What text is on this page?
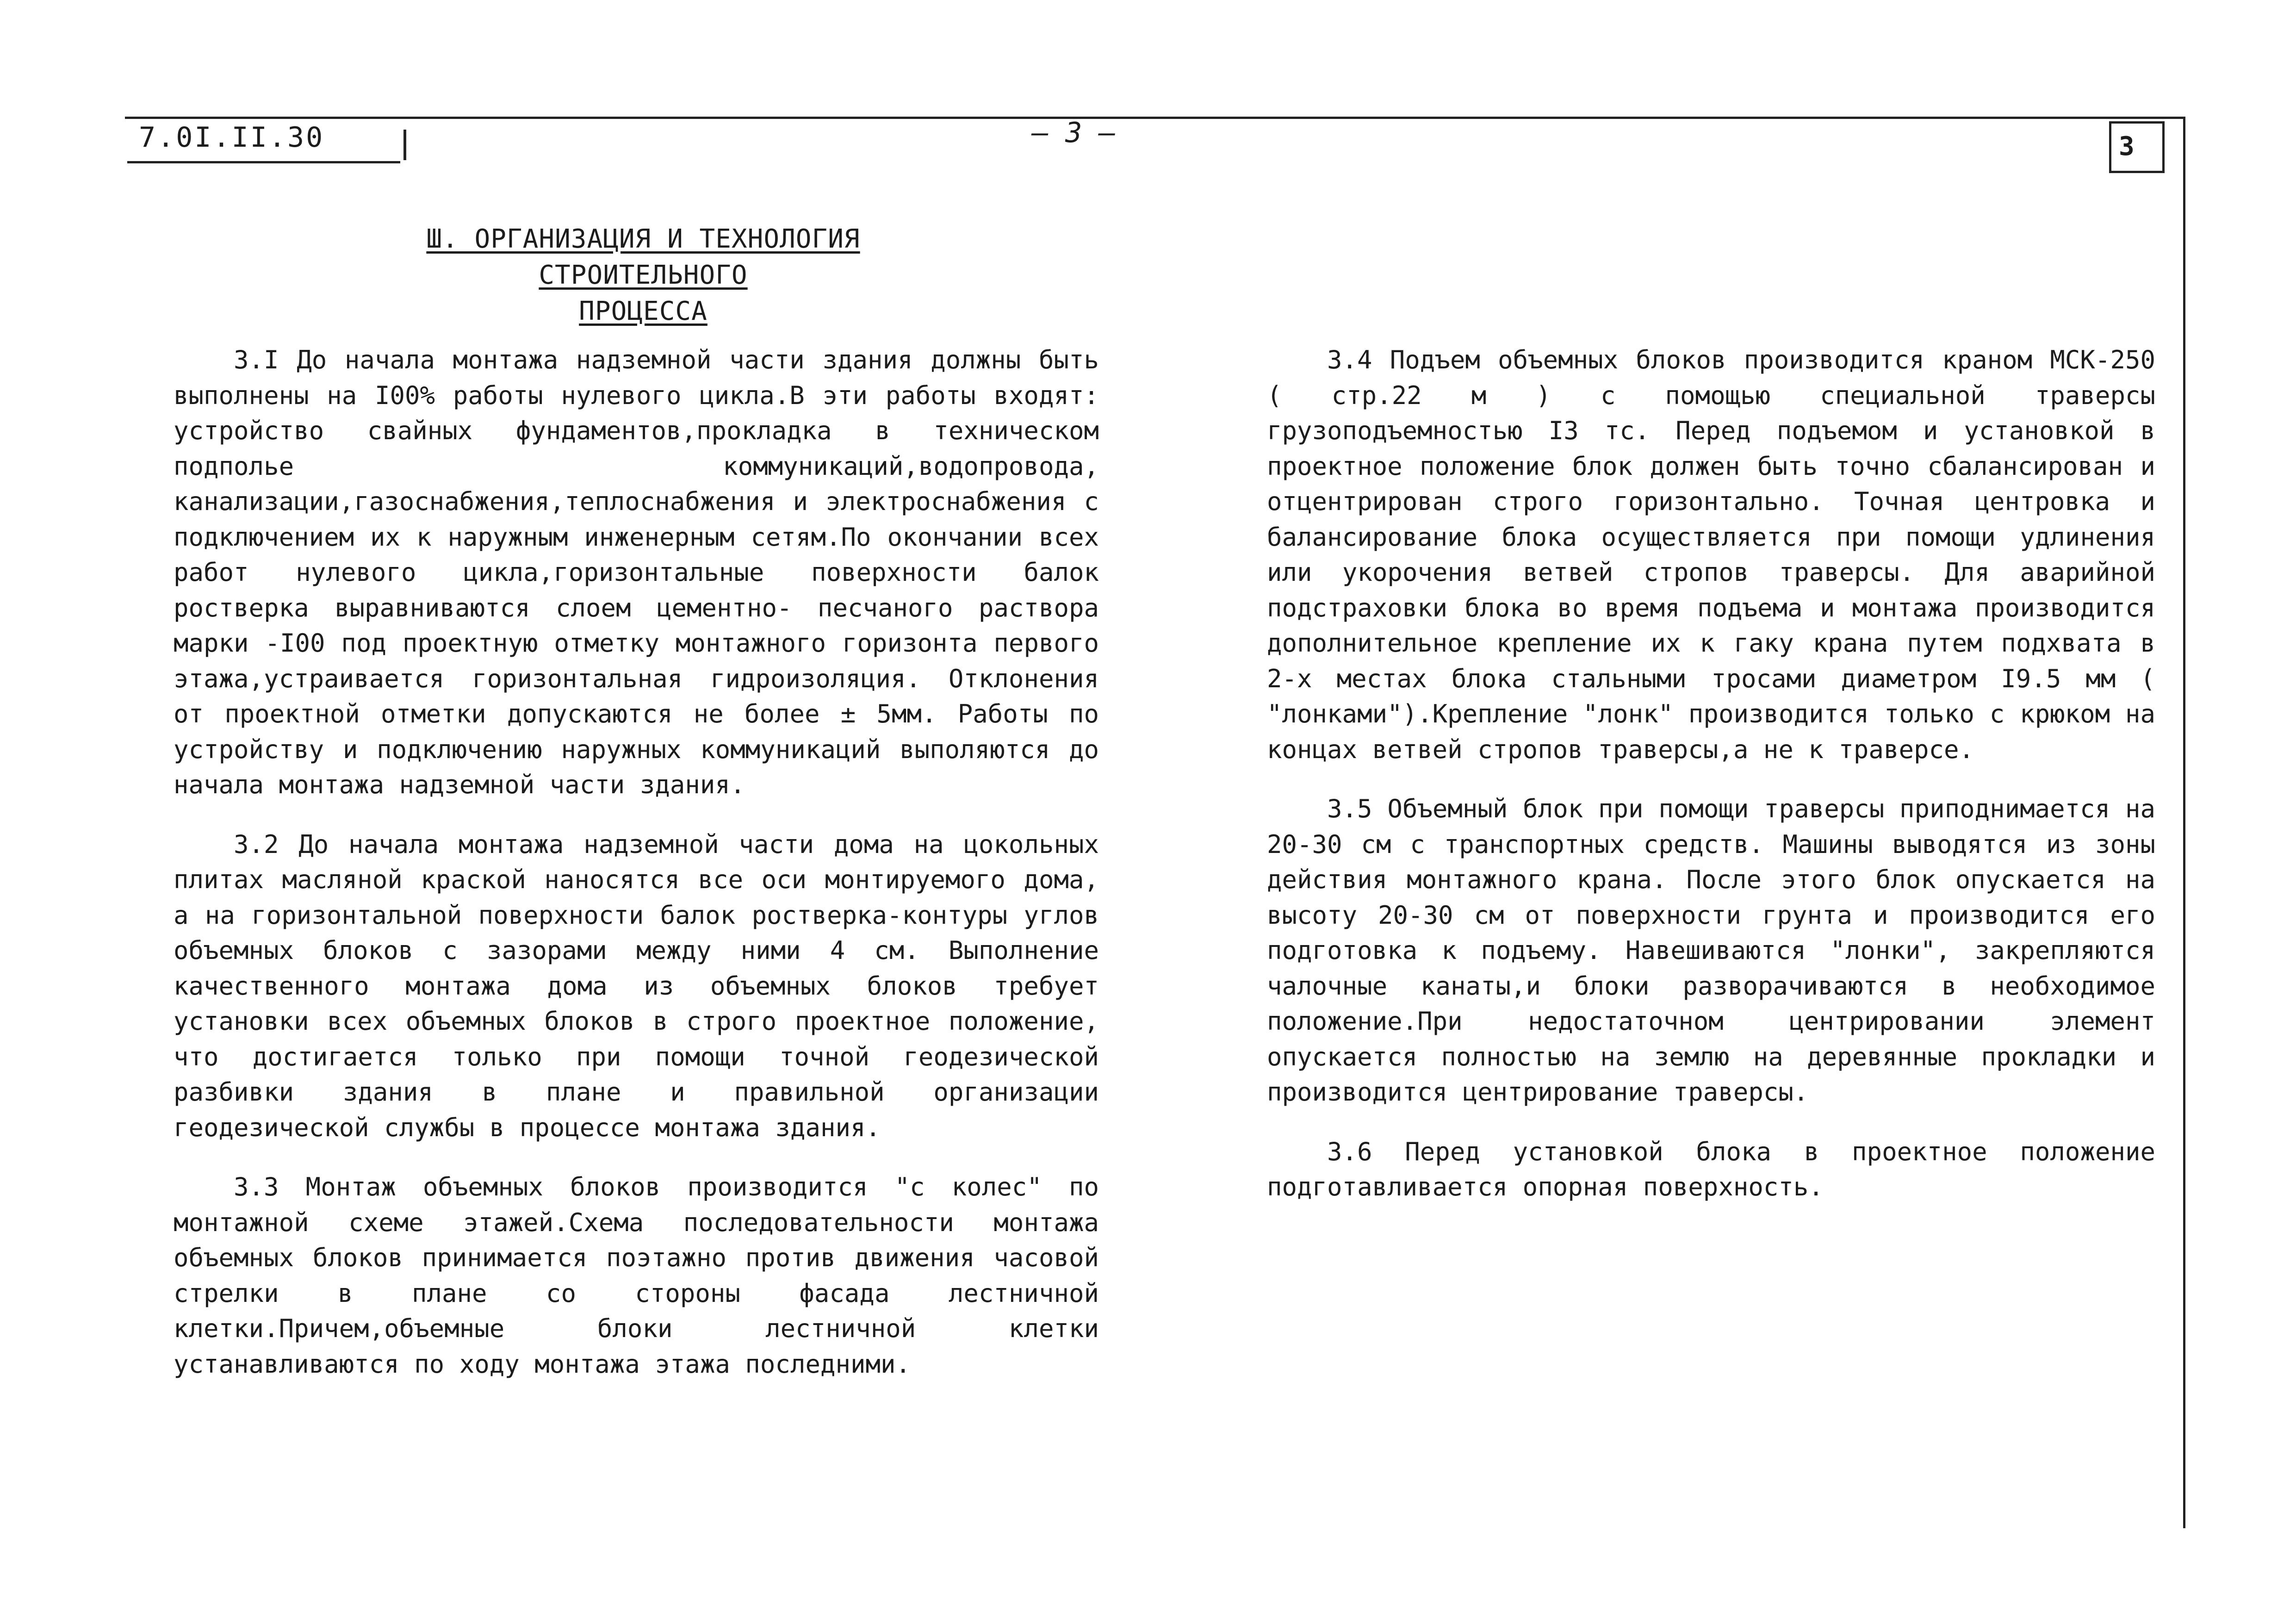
7.0I.II.30	— 3 —	3
Ш. ОРГАНИЗАЦИЯ И ТЕХНОЛОГИЯ СТРОИТЕЛЬНОГО
ПРОЦЕССА

3.I До начала монтажа надземной части здания должны быть выполнены на I00% работы нулевого цикла.В эти работы входят: устройство свайных фундаментов,прокладка в техническом подполье коммуникаций,водопровода, канализации,газоснабжения,теплоснабжения и электроснабжения с подключением их к наружным инженерным сетям.По окончании всех работ нулевого цикла,горизонтальные поверхности балок ростверка выравниваются слоем цементно- песчаного раствора марки -I00 под проектную отметку монтажного горизонта первого этажа,устраивается горизонтальная гидроизоляция. Отклонения от проектной отметки допускаются не более ± 5мм. Работы по устройству и подключению наружных коммуникаций выполяются до начала монтажа надземной части здания.

3.2 До начала монтажа надземной части дома на цокольных плитах масляной краской наносятся все оси монтируемого дома, а на горизонтальной поверхности балок ростверка-контуры углов объемных блоков с зазорами между ними 4 см. Выполнение качественного монтажа дома из объемных блоков требует установки всех объемных блоков в строго проектное положение, что достигается только при помощи точной геодезической разбивки здания в плане и правильной организации геодезической службы в процессе монтажа здания.

3.3 Монтаж объемных блоков производится "с колес" по монтажной схеме этажей.Схема последовательности монтажа объемных блоков принимается поэтажно против движения часовой стрелки в плане со стороны фасада лестничной клетки.Причем,объемные блоки лестничной клетки устанавливаются по ходу монтажа этажа последними.

3.4 Подъем объемных блоков производится краном МСК-250 ( стр.22 м ) с помощью специальной траверсы грузоподъемностью I3 тс. Перед подъемом и установкой в проектное положение блок должен быть точно сбалансирован и отцентрирован строго горизонтально. Точная центровка и балансирование блока осуществляется при помощи удлинения или укорочения ветвей стропов траверсы. Для аварийной подстраховки блока во время подъема и монтажа производится дополнительное крепление их к гаку крана путем подхвата в 2-х местах блока стальными тросами диаметром I9.5 мм ( "лонками").Крепление "лонк" производится только с крюком на концах ветвей стропов траверсы,а не к траверсе.

3.5 Объемный блок при помощи траверсы приподнимается на 20-30 см с транспортных средств. Машины выводятся из зоны действия монтажного крана. После этого блок опускается на высоту 20-30 см от поверхности грунта и производится его подготовка к подъему. Навешиваются "лонки", закрепляются чалочные канаты,и блоки разворачиваются в необходимое положение.При недостаточном центрировании элемент опускается полностью на землю на деревянные прокладки и производится центрирование траверсы.

3.6 Перед установкой блока в проектное положение подготавливается опорная поверхность.
